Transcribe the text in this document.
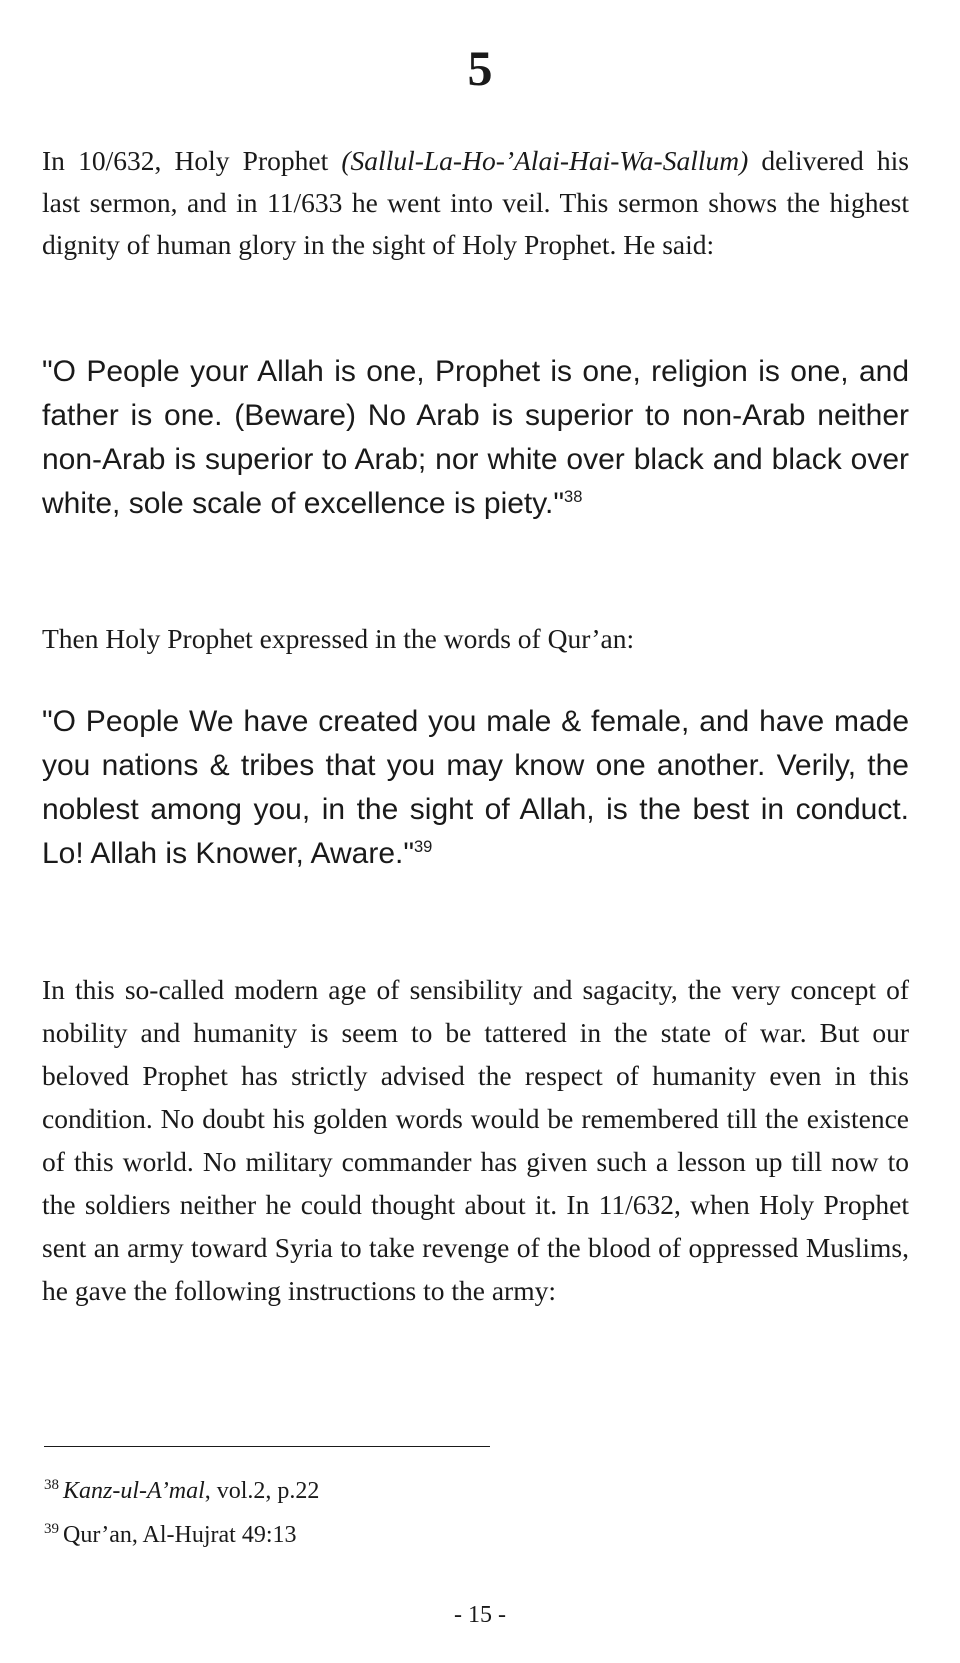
5

In 10/632, Holy Prophet (Sallul-La-Ho-’Alai-Hai-Wa-Sallum) delivered his last sermon, and in 11/633 he went into veil. This sermon shows the highest dignity of human glory in the sight of Holy Prophet. He said:

"O People your Allah is one, Prophet is one, religion is one, and father is one. (Beware) No Arab is superior to non-Arab neither non-Arab is superior to Arab; nor white over black and black over white, sole scale of excellence is piety."$^{38}$

Then Holy Prophet expressed in the words of Qur’an:

"O People We have created you male & female, and have made you nations & tribes that you may know one another. Verily, the noblest among you, in the sight of Allah, is the best in conduct. Lo! Allah is Knower, Aware."$^{39}$

In this so-called modern age of sensibility and sagacity, the very concept of nobility and humanity is seem to be tattered in the state of war. But our beloved Prophet has strictly advised the respect of humanity even in this condition. No doubt his golden words would be remembered till the existence of this world. No military commander has given such a lesson up till now to the soldiers neither he could thought about it. In 11/632, when Holy Prophet sent an army toward Syria to take revenge of the blood of oppressed Muslims, he gave the following instructions to the army:

$^{38}$ Kanz-ul-A’mal, vol.2, p.22
$^{39}$ Qur’an, Al-Hujrat 49:13
- 15 -
